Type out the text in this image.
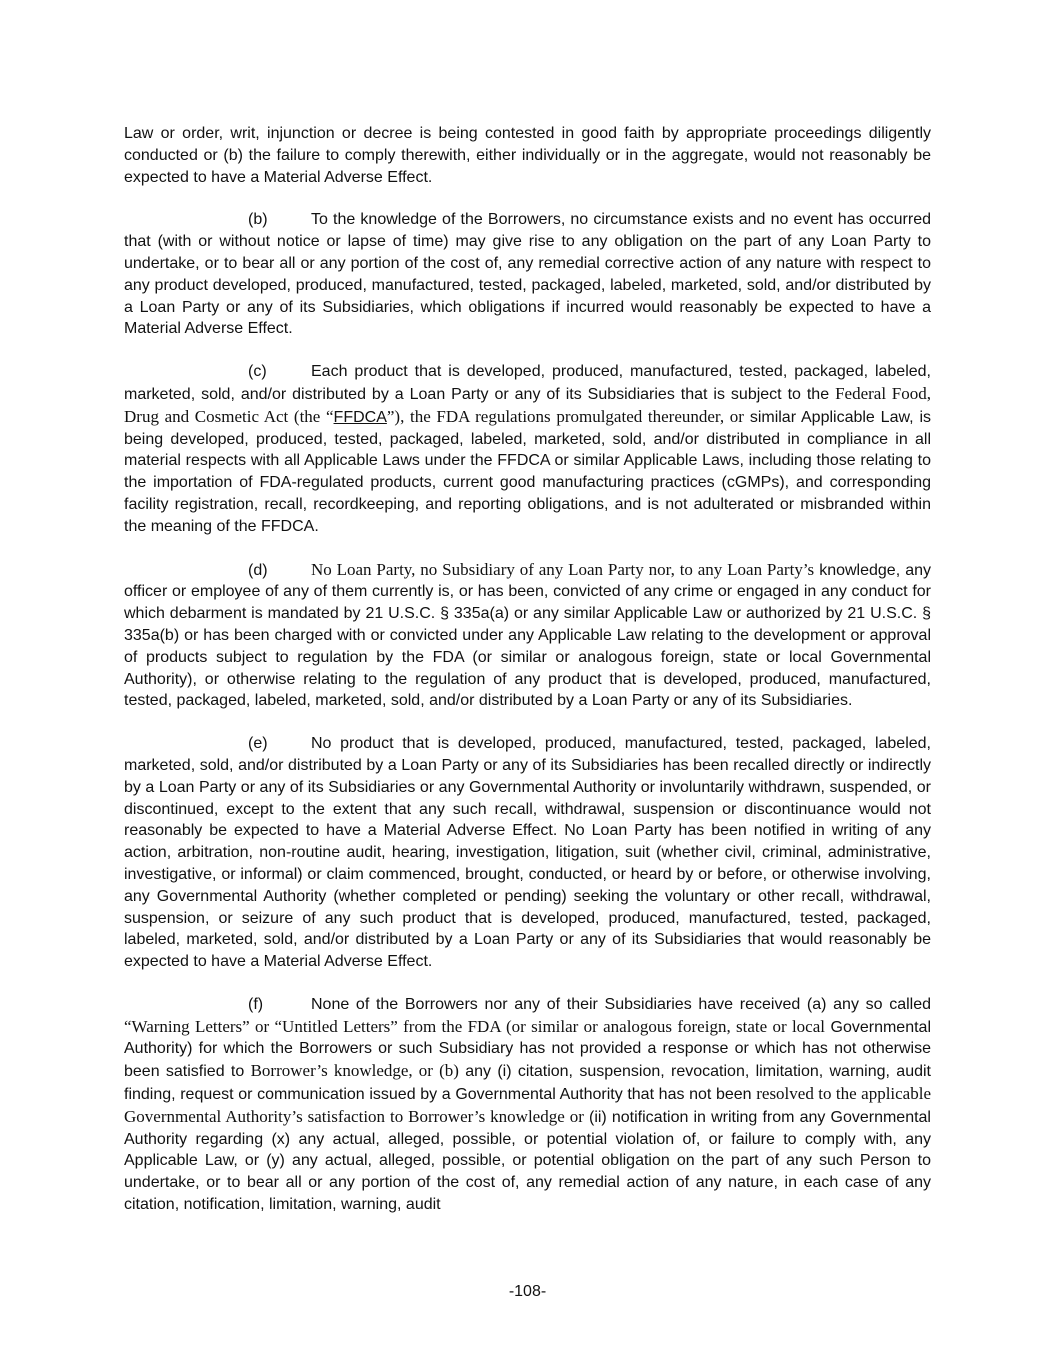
Law or order, writ, injunction or decree is being contested in good faith by appropriate proceedings diligently conducted or (b) the failure to comply therewith, either individually or in the aggregate, would not reasonably be expected to have a Material Adverse Effect.

(b)	To the knowledge of the Borrowers, no circumstance exists and no event has occurred that (with or without notice or lapse of time) may give rise to any obligation on the part of any Loan Party to undertake, or to bear all or any portion of the cost of, any remedial corrective action of any nature with respect to any product developed, produced, manufactured, tested, packaged, labeled, marketed, sold, and/or distributed by a Loan Party or any of its Subsidiaries, which obligations if incurred would reasonably be expected to have a Material Adverse Effect.

(c)	Each product that is developed, produced, manufactured, tested, packaged, labeled, marketed, sold, and/or distributed by a Loan Party or any of its Subsidiaries that is subject to the Federal Food, Drug and Cosmetic Act (the “FFDCA”), the FDA regulations promulgated thereunder, or similar Applicable Law, is being developed, produced, tested, packaged, labeled, marketed, sold, and/or distributed in compliance in all material respects with all Applicable Laws under the FFDCA or similar Applicable Laws, including those relating to the importation of FDA-regulated products, current good manufacturing practices (cGMPs), and corresponding facility registration, recall, recordkeeping, and reporting obligations, and is not adulterated or misbranded within the meaning of the FFDCA.

(d)	No Loan Party, no Subsidiary of any Loan Party nor, to any Loan Party’s knowledge, any officer or employee of any of them currently is, or has been, convicted of any crime or engaged in any conduct for which debarment is mandated by 21 U.S.C. § 335a(a) or any similar Applicable Law or authorized by 21 U.S.C. § 335a(b) or has been charged with or convicted under any Applicable Law relating to the development or approval of products subject to regulation by the FDA (or similar or analogous foreign, state or local Governmental Authority), or otherwise relating to the regulation of any product that is developed, produced, manufactured, tested, packaged, labeled, marketed, sold, and/or distributed by a Loan Party or any of its Subsidiaries.

(e)	No product that is developed, produced, manufactured, tested, packaged, labeled, marketed, sold, and/or distributed by a Loan Party or any of its Subsidiaries has been recalled directly or indirectly by a Loan Party or any of its Subsidiaries or any Governmental Authority or involuntarily withdrawn, suspended, or discontinued, except to the extent that any such recall, withdrawal, suspension or discontinuance would not reasonably be expected to have a Material Adverse Effect. No Loan Party has been notified in writing of any action, arbitration, non-routine audit, hearing, investigation, litigation, suit (whether civil, criminal, administrative, investigative, or informal) or claim commenced, brought, conducted, or heard by or before, or otherwise involving, any Governmental Authority (whether completed or pending) seeking the voluntary or other recall, withdrawal, suspension, or seizure of any such product that is developed, produced, manufactured, tested, packaged, labeled, marketed, sold, and/or distributed by a Loan Party or any of its Subsidiaries that would reasonably be expected to have a Material Adverse Effect.

(f)	None of the Borrowers nor any of their Subsidiaries have received (a) any so called “Warning Letters” or “Untitled Letters” from the FDA (or similar or analogous foreign, state or local Governmental Authority) for which the Borrowers or such Subsidiary has not provided a response or which has not otherwise been satisfied to Borrower’s knowledge, or (b) any (i) citation, suspension, revocation, limitation, warning, audit finding, request or communication issued by a Governmental Authority that has not been resolved to the applicable Governmental Authority’s satisfaction to Borrower’s knowledge or (ii) notification in writing from any Governmental Authority regarding (x) any actual, alleged, possible, or potential violation of, or failure to comply with, any Applicable Law, or (y) any actual, alleged, possible, or potential obligation on the part of any such Person to undertake, or to bear all or any portion of the cost of, any remedial action of any nature, in each case of any citation, notification, limitation, warning, audit

-108-
